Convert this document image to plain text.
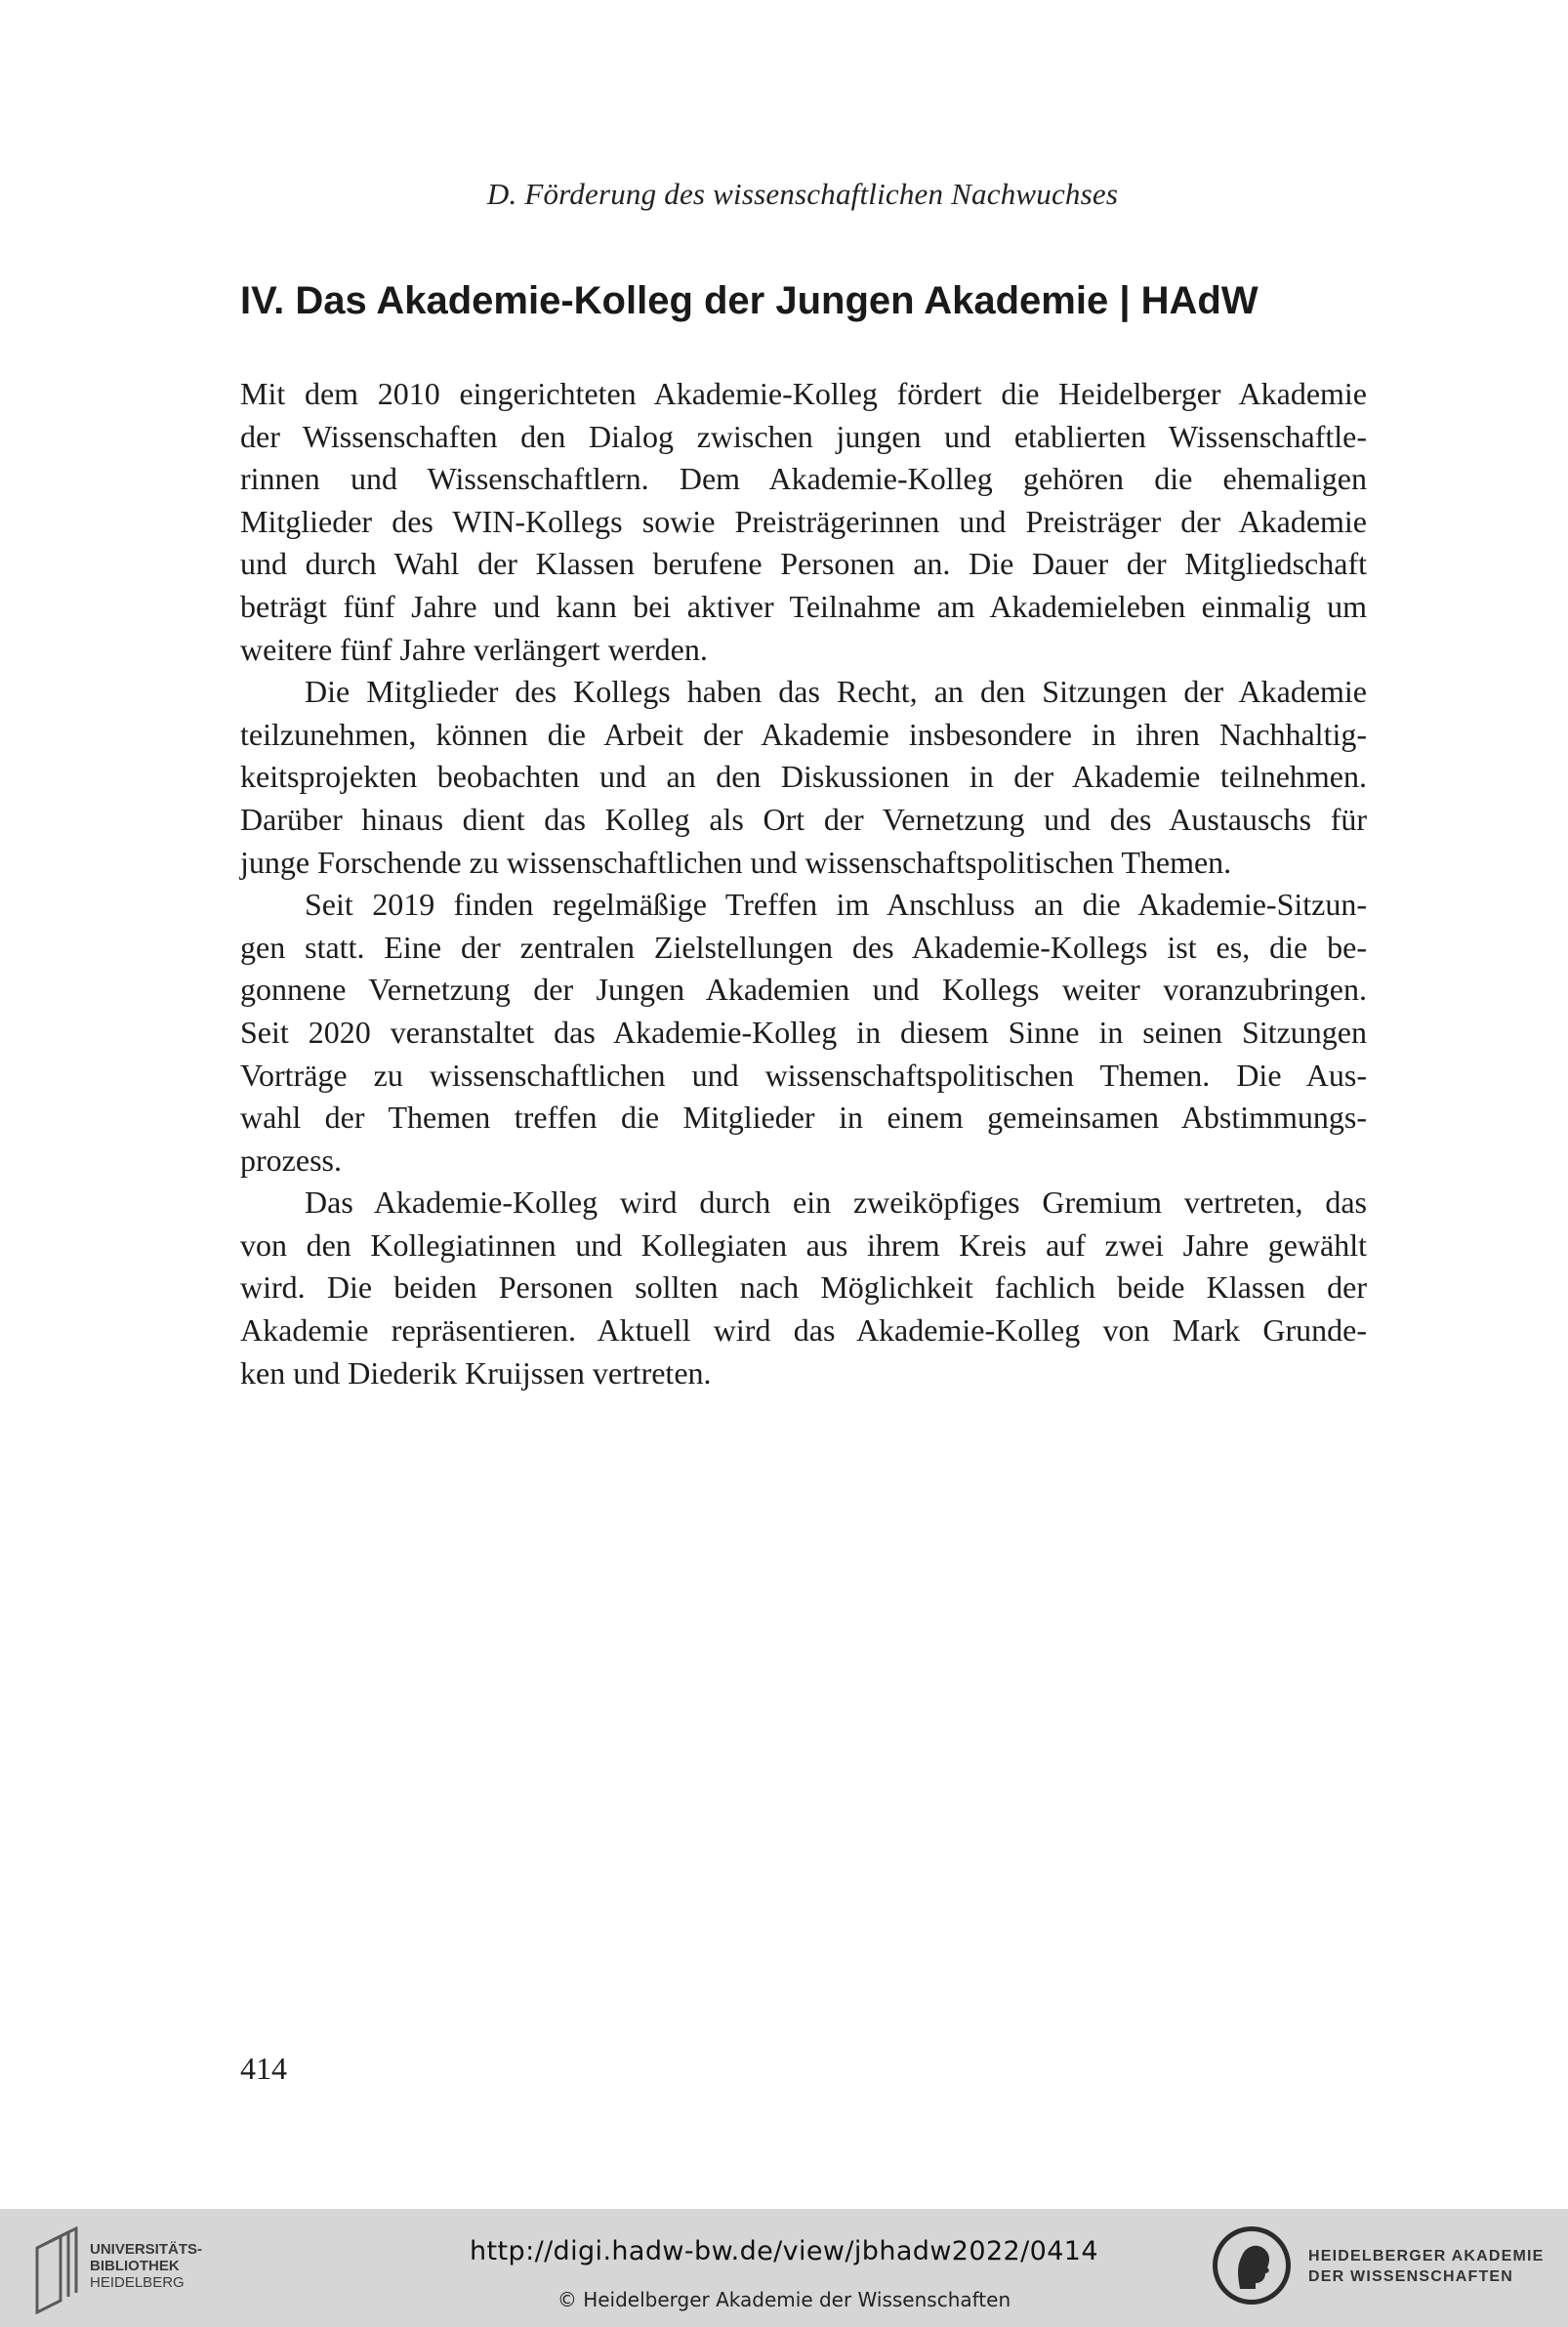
D. Förderung des wissenschaftlichen Nachwuchses
IV. Das Akademie-Kolleg der Jungen Akademie | HAdW
Mit dem 2010 eingerichteten Akademie-Kolleg fördert die Heidelberger Akademie
der Wissenschaften den Dialog zwischen jungen und etablierten Wissenschaftle-
rinnen und Wissenschaftlern. Dem Akademie-Kolleg gehören die ehemaligen
Mitglieder des WIN-Kollegs sowie Preisträgerinnen und Preisträger der Akademie
und durch Wahl der Klassen berufene Personen an. Die Dauer der Mitgliedschaft
beträgt fünf Jahre und kann bei aktiver Teilnahme am Akademieleben einmalig um
weitere fünf Jahre verlängert werden.
Die Mitglieder des Kollegs haben das Recht, an den Sitzungen der Akademie
teilzunehmen, können die Arbeit der Akademie insbesondere in ihren Nachhaltig-
keitsprojekten beobachten und an den Diskussionen in der Akademie teilnehmen.
Darüber hinaus dient das Kolleg als Ort der Vernetzung und des Austauschs für
junge Forschende zu wissenschaftlichen und wissenschaftspolitischen Themen.
Seit 2019 finden regelmäßige Treffen im Anschluss an die Akademie-Sitzun-
gen statt. Eine der zentralen Zielstellungen des Akademie-Kollegs ist es, die be-
gonnene Vernetzung der Jungen Akademien und Kollegs weiter voranzubringen.
Seit 2020 veranstaltet das Akademie-Kolleg in diesem Sinne in seinen Sitzungen
Vorträge zu wissenschaftlichen und wissenschaftspolitischen Themen. Die Aus-
wahl der Themen treffen die Mitglieder in einem gemeinsamen Abstimmungs-
prozess.
Das Akademie-Kolleg wird durch ein zweiköpfiges Gremium vertreten, das
von den Kollegiatinnen und Kollegiaten aus ihrem Kreis auf zwei Jahre gewählt
wird. Die beiden Personen sollten nach Möglichkeit fachlich beide Klassen der
Akademie repräsentieren. Aktuell wird das Akademie-Kolleg von Mark Grunde-
ken und Diederik Kruijssen vertreten.
414
UNIVERSITÄTS-
BIBLIOTHEK
HEIDELBERG
http://digi.hadw-bw.de/view/jbhadw2022/0414
© Heidelberger Akademie der Wissenschaften
HEIDELBERGER AKADEMIE
DER WISSENSCHAFTEN
